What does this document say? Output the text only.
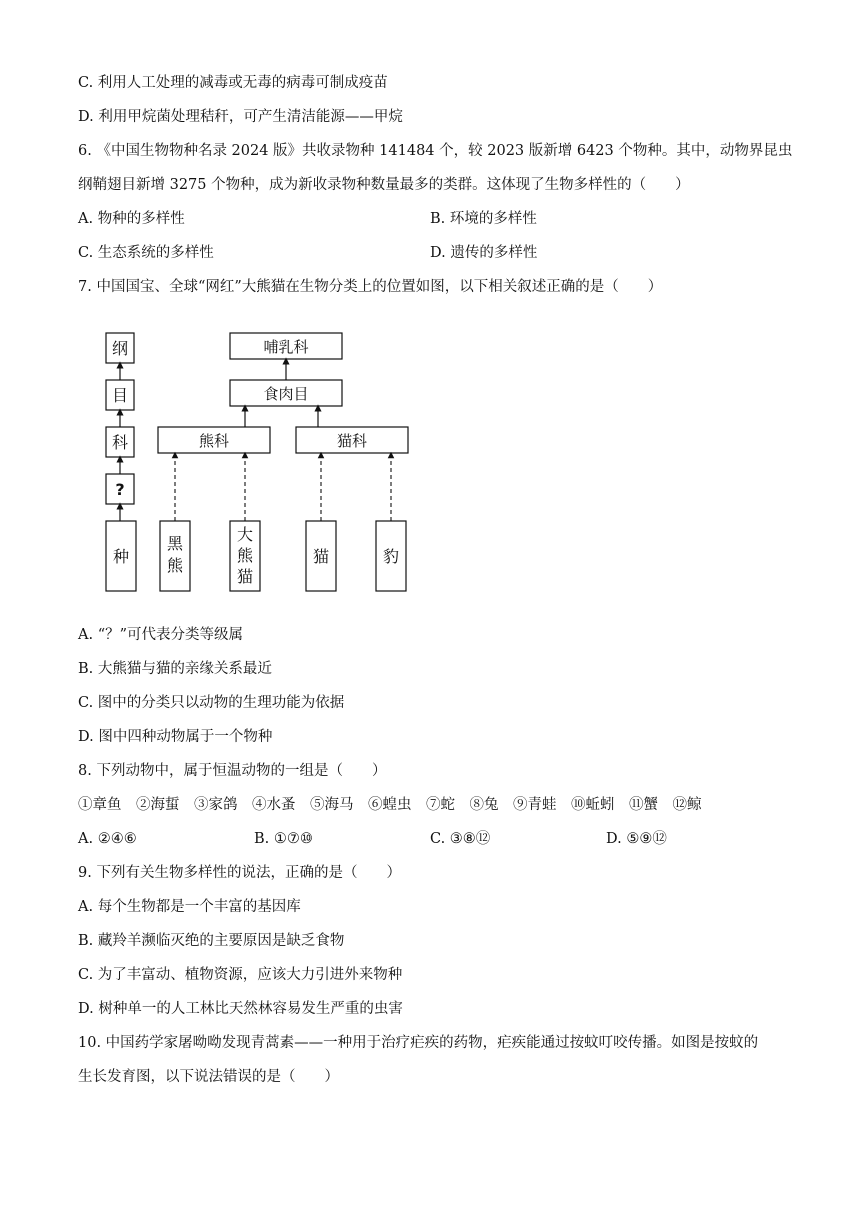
C. 利用人工处理的减毒或无毒的病毒可制成疫苗
D. 利用甲烷菌处理秸秆，可产生清洁能源——甲烷
6. 《中国生物物种名录 2024 版》共收录物种 141484 个，较 2023 版新增 6423 个物种。其中，动物界昆虫
纲鞘翅目新增 3275 个物种，成为新收录物种数量最多的类群。这体现了生物多样性的（　　）
A. 物种的多样性	B. 环境的多样性
C. 生态系统的多样性	D. 遗传的多样性
7. 中国国宝、全球“网红”大熊猫在生物分类上的位置如图，以下相关叙述正确的是（　　）
纲
目
科
?
种
哺乳科
食肉目
熊科	猫科
黑
熊
大
熊
猫
猫	豹
A. “？”可代表分类等级属
B. 大熊猫与猫的亲缘关系最近
C. 图中的分类只以动物的生理功能为依据
D. 图中四种动物属于一个物种
8. 下列动物中，属于恒温动物的一组是（　　）
①章鱼　②海蜇　③家鸽　④水蚤　⑤海马　⑥蝗虫　⑦蛇　⑧兔　⑨青蛙　⑩蚯蚓　⑪蟹　⑫鲸
A. ②④⑥	B. ①⑦⑩	C. ③⑧⑫	D. ⑤⑨⑫
9. 下列有关生物多样性的说法，正确的是（　　）
A. 每个生物都是一个丰富的基因库
B. 藏羚羊濒临灭绝的主要原因是缺乏食物
C. 为了丰富动、植物资源，应该大力引进外来物种
D. 树种单一的人工林比天然林容易发生严重的虫害
10. 中国药学家屠呦呦发现青蒿素——一种用于治疗疟疾的药物，疟疾能通过按蚊叮咬传播。如图是按蚊的
生长发育图，以下说法错误的是（　　）
